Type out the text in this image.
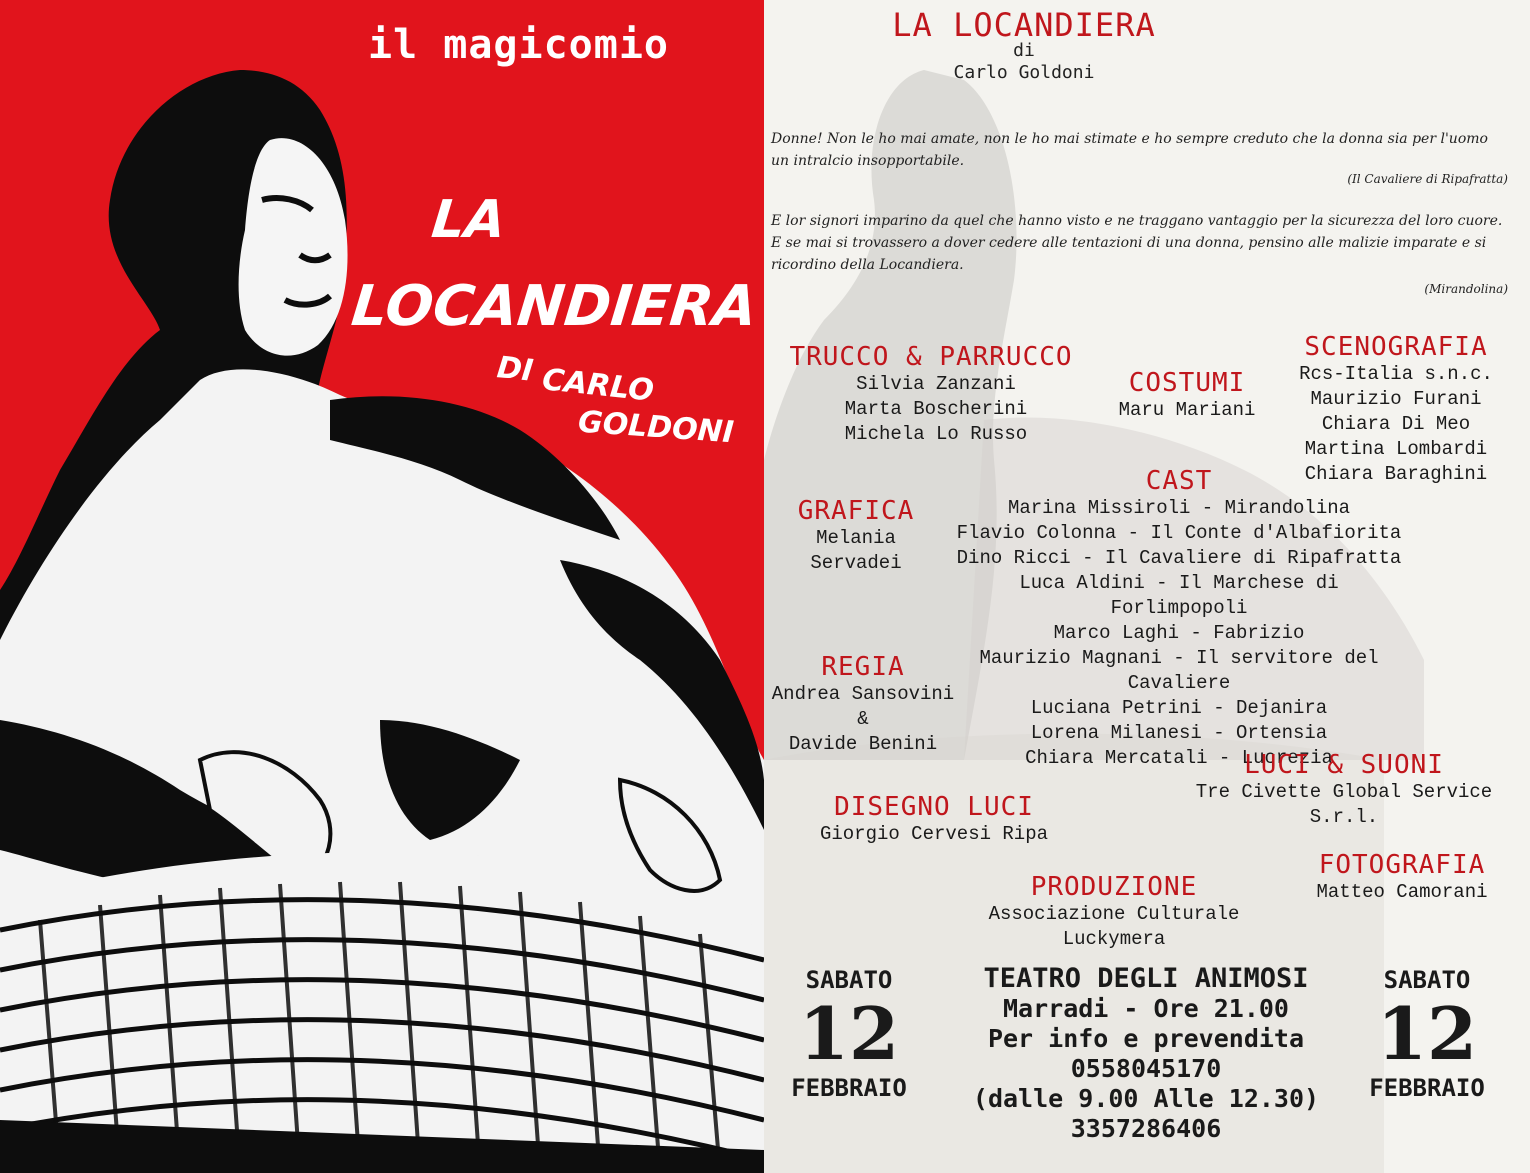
il magicomio
LA
LOCANDIERA
DI CARLO
GOLDONI
LA LOCANDIERA
di
Carlo Goldoni
Donne! Non le ho mai amate, non le ho mai stimate e ho sempre creduto che la donna sia per l'uomo un intralcio insopportabile.
(Il Cavaliere di Ripafratta)
E lor signori imparino da quel che hanno visto e ne traggano vantaggio per la sicurezza del loro cuore. E se mai si trovassero a dover cedere alle tentazioni di una donna, pensino alle malizie imparate e si ricordino della Locandiera.
(Mirandolina)
TRUCCO & PARRUCCO
Silvia Zanzani
Marta Boscherini
Michela Lo Russo
COSTUMI
Maru Mariani
SCENOGRAFIA
Rcs-Italia s.n.c.
Maurizio Furani
Chiara Di Meo
Martina Lombardi
Chiara Baraghini
GRAFICA
Melania Servadei
CAST
Marina Missiroli - Mirandolina
Flavio Colonna - Il Conte d'Albafiorita
Dino Ricci - Il Cavaliere di Ripafratta
Luca Aldini - Il Marchese di Forlimpopoli
Marco Laghi - Fabrizio
Maurizio Magnani - Il servitore del Cavaliere
Luciana Petrini - Dejanira
Lorena Milanesi - Ortensia
Chiara Mercatali - Lucrezia
REGIA
Andrea Sansovini
&
Davide Benini
LUCI & SUONI
Tre Civette Global Service S.r.l.
DISEGNO LUCI
Giorgio Cervesi Ripa
FOTOGRAFIA
Matteo Camorani
PRODUZIONE
Associazione Culturale Luckymera
SABATO
12
FEBBRAIO
TEATRO DEGLI ANIMOSI
Marradi - Ore 21.00
Per info e prevendita
0558045170
(dalle 9.00 Alle 12.30)
3357286406
SABATO
12
FEBBRAIO
